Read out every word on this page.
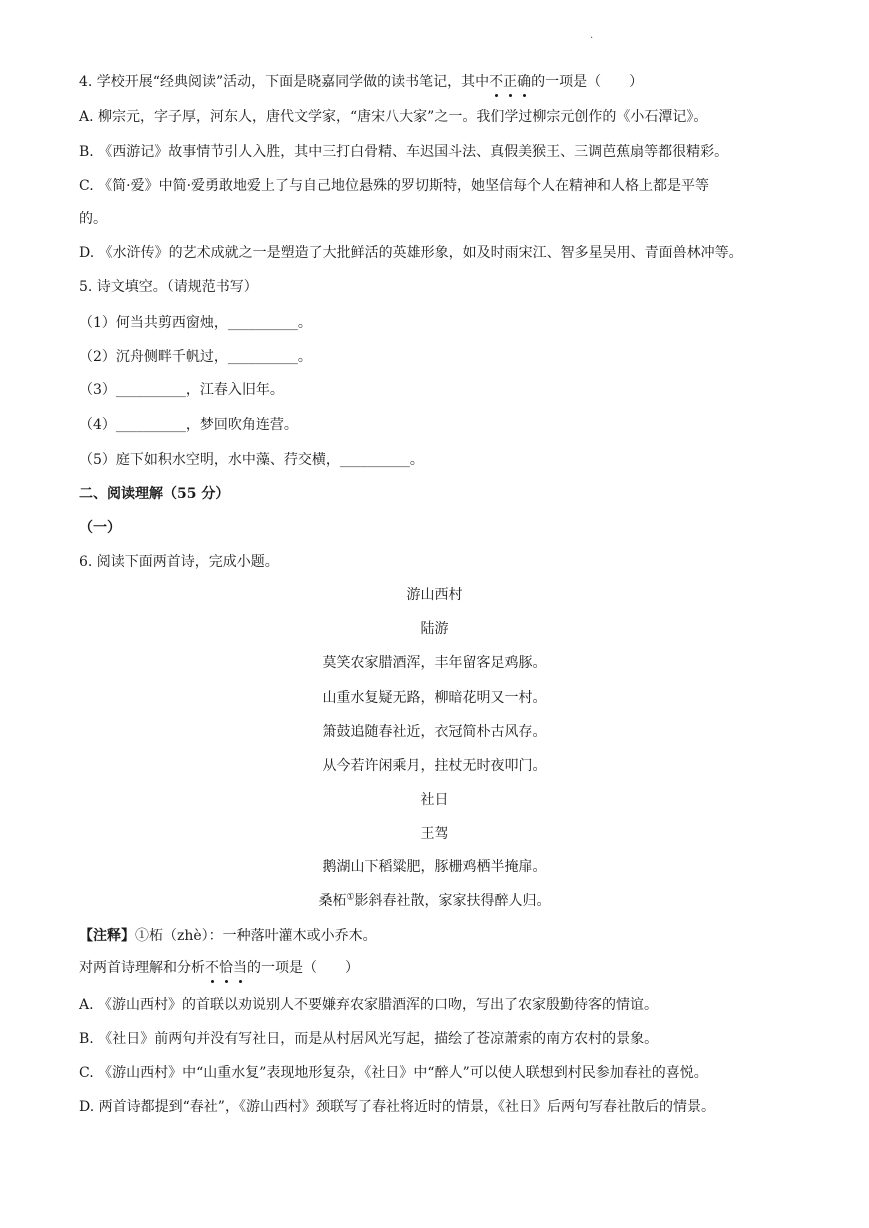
.
4. 学校开展“经典阅读”活动，下面是晓嘉同学做的读书笔记，其中不正确的一项是（　　）
A. 柳宗元，字子厚，河东人，唐代文学家，“唐宋八大家”之一。我们学过柳宗元创作的《小石潭记》。
B. 《西游记》故事情节引人入胜，其中三打白骨精、车迟国斗法、真假美猴王、三调芭蕉扇等都很精彩。
C. 《简·爱》中简·爱勇敢地爱上了与自己地位悬殊的罗切斯特，她坚信每个人在精神和人格上都是平等
的。
D. 《水浒传》的艺术成就之一是塑造了大批鲜活的英雄形象，如及时雨宋江、智多星吴用、青面兽林冲等。
5. 诗文填空。（请规范书写）
（1）何当共剪西窗烛，__________。
（2）沉舟侧畔千帆过，__________。
（3）__________，江春入旧年。
（4）__________，梦回吹角连营。
（5）庭下如积水空明，水中藻、荇交横，__________。
二、阅读理解（55 分）
（一）
6. 阅读下面两首诗，完成小题。
游山西村
陆游
莫笑农家腊酒浑，丰年留客足鸡豚。
山重水复疑无路，柳暗花明又一村。
箫鼓追随春社近，衣冠简朴古风存。
从今若许闲乘月，拄杖无时夜叩门。
社日
王驾
鹅湖山下稻粱肥，豚栅鸡栖半掩扉。
桑柘①影斜春社散，家家扶得醉人归。
【注释】①柘（zhè）：一种落叶灌木或小乔木。
对两首诗理解和分析不恰当的一项是（　　）
A. 《游山西村》的首联以劝说别人不要嫌弃农家腊酒浑的口吻，写出了农家殷勤待客的情谊。
B. 《社日》前两句并没有写社日，而是从村居风光写起，描绘了苍凉萧索的南方农村的景象。
C. 《游山西村》中“山重水复”表现地形复杂，《社日》中“醉人”可以使人联想到村民参加春社的喜悦。
D. 两首诗都提到“春社”，《游山西村》颈联写了春社将近时的情景，《社日》后两句写春社散后的情景。
